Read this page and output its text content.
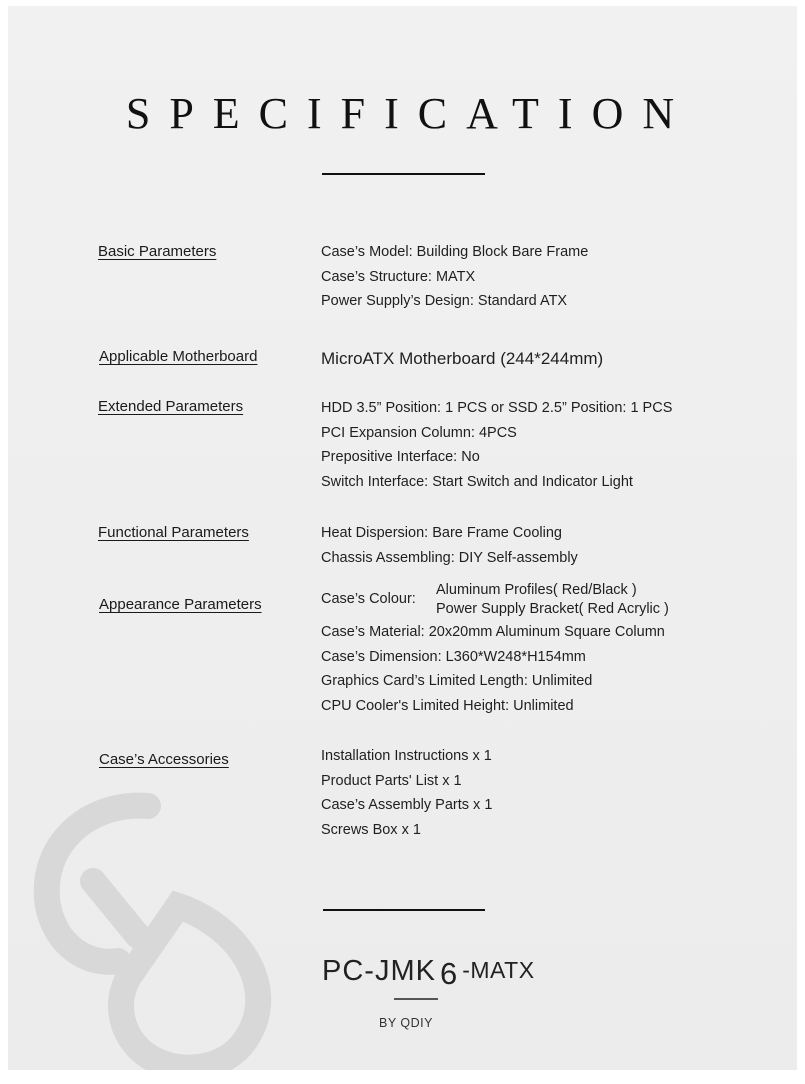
SPECIFICATION
Basic Parameters	Case’s Model: Building Block Bare Frame
Case’s Structure: MATX
Power Supply’s Design: Standard ATX
Applicable Motherboard	MicroATX Motherboard (244*244mm)
Extended Parameters	HDD 3.5” Position: 1 PCS or SSD 2.5” Position: 1 PCS
PCI Expansion Column: 4PCS
Prepositive Interface: No
Switch Interface: Start Switch and Indicator Light
Functional Parameters	Heat Dispersion: Bare Frame Cooling
Chassis Assembling: DIY Self-assembly
Appearance Parameters	Case’s Colour:
Aluminum Profiles( Red/Black )
Power Supply Bracket( Red Acrylic )
Case’s Material: 20x20mm Aluminum Square Column
Case’s Dimension: L360*W248*H154mm
Graphics Card’s Limited Length: Unlimited
CPU Cooler's Limited Height: Unlimited
Case’s Accessories	Installation Instructions x 1
Product Parts' List x 1
Case’s Assembly Parts x 1
Screws Box x 1
PC-JMK 6 -MATX
BY QDIY
